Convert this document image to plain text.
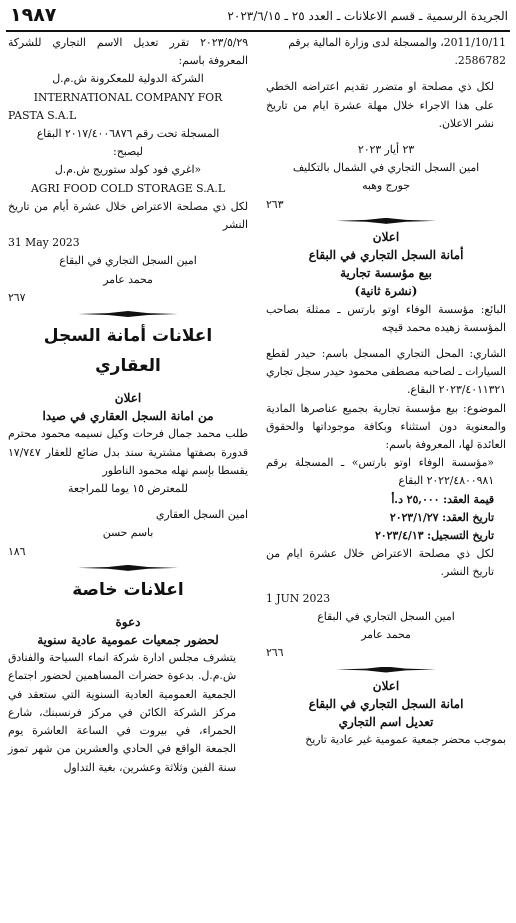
الجريدة الرسمية ـ قسم الاعلانات ـ العدد ٢٥ ـ ٢٠٢٣/٦/١٥
١٩٨٧

2011/10/11، والمسجلة لدى وزارة المالية برقم

2586782.

لكل ذي مصلحة او متضرر تقديم اعتراضه الخطي على هذا الاجراء خلال مهلة عشرة ايام من تاريخ نشر الاعلان.

٢٣ أيار ٢٠٢٣

امين السجل التجاري في الشمال بالتكليف

جورج وهبه

٢٦٣

اعلان

أمانة السجل التجاري في البقاع

بيع مؤسسة تجارية

(نشرة ثانية)

البائع: مؤسسة الوفاء اوتو بارتس ـ ممثلة بصاحب المؤسسة زهيده محمد قيچه

الشاري: المحل التجاري المسجل باسم: حيدر لقطع السيارات ـ لصاحبه مصطفى محمود حيدر سجل تجاري ٢٠٢٣/٤٠١١٣٢١ البقاع.

الموضوع: بيع مؤسسة تجارية بجميع عناصرها المادية والمعنوية دون استثناء وبكافة موجوداتها والحقوق العائدة لها، المعروفة باسم:

«مؤسسة الوفاء اوتو بارتس» ـ المسجلة برقم ٢٠٢٢/٤٨٠٠٩٨١ البقاع

قيمة العقد: ٢٥,٠٠٠ د.أ

تاريخ العقد: ٢٠٢٣/١/٢٧

تاريخ التسجيل: ٢٠٢٣/٤/١٣

لكل ذي مصلحة الاعتراض خلال عشرة ايام من تاريخ النشر.

1 JUN 2023

امين السجل التجاري في البقاع

محمد عامر

٢٦٦

اعلان

امانة السجل التجاري في البقاع

تعديل اسم التجاري

بموجب محضر جمعية عمومية غير عادية تاريخ

٢٠٢٣/٥/٢٩ تقرر تعديل الاسم التجاري للشركة المعروفة باسم:

الشركة الدولية للمعكرونة ش.م.ل

INTERNATIONAL COMPANY FOR

PASTA S.A.L

المسجلة تحت رقم ٢٠١٧/٤٠٠٦٨٧٦ البقاع

ليصبح:

«اغري فود كولد ستوريج ش.م.ل

AGRI FOOD COLD STORAGE S.A.L

لكل ذي مصلحة الاعتراض خلال عشرة أيام من تاريخ النشر

31 May 2023

امين السجل التجاري في البقاع

محمد عامر

٢٦٧

اعلانات أمانة السجل العقاري

اعلان

من امانة السجل العقاري في صيدا

طلب محمد جمال فرحات وكيل نسيمه محمود محترم قدورة بصفتها مشترية سند بدل ضائع للعقار ١٧/٧٤٧ يقسطا بإسم نهله محمود الناطور

للمعترض ١٥ يوما للمراجعة

امين السجل العقاري

باسم حسن

١٨٦

اعلانات خاصة

دعوة

لحضور جمعيات عمومية عادية سنوية

يتشرف مجلس ادارة شركة انماء السياحة والفنادق ش.م.ل. بدعوة حضرات المساهمين لحضور اجتماع الجمعية العمومية العادية السنوية التي ستعقد في مركز الشركة الكائن في مركز فرنسبنك، شارع الحمراء، في بيروت في الساعة العاشرة يوم الجمعة الواقع في الحادي والعشرين من شهر تموز سنة الفين وثلاثة وعشرين، بغية التداول
